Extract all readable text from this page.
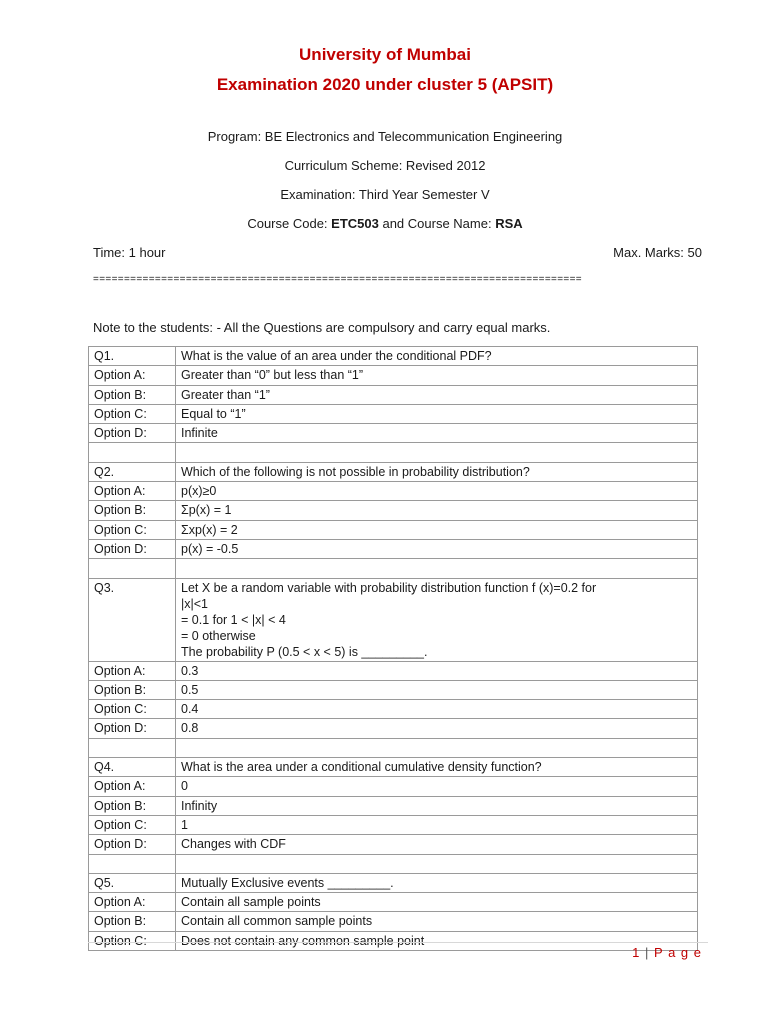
University of Mumbai
Examination 2020 under cluster 5 (APSIT)
Program: BE Electronics and Telecommunication Engineering
Curriculum Scheme: Revised 2012
Examination: Third Year Semester V
Course Code: ETC503 and Course Name: RSA
Time: 1 hour	Max. Marks: 50
===============================================================================
Note to the students: - All the Questions are compulsory and carry equal marks.
Q1.	What is the value of an area under the conditional PDF?
Option A:	Greater than “0” but less than “1”
Option B:	Greater than “1”
Option C:	Equal to “1”
Option D:	Infinite

Q2.	Which of the following is not possible in probability distribution?
Option A:	p(x)≥0
Option B:	Σp(x) = 1
Option C:	Σxp(x) = 2
Option D:	p(x) = -0.5

Q3.	Let X be a random variable with probability distribution function f (x)=0.2 for
|x|<1
= 0.1 for 1 < |x| < 4
= 0 otherwise
The probability P (0.5 < x < 5) is _________.

Option A:	0.3
Option B:	0.5
Option C:	0.4
Option D:	0.8

Q4.	What is the area under a conditional cumulative density function?
Option A:	0
Option B:	Infinity
Option C:	1
Option D:	Changes with CDF

Q5.	Mutually Exclusive events _________.
Option A:	Contain all sample points
Option B:	Contain all common sample points
Option C:	Does not contain any common sample point
1 | P a g e
